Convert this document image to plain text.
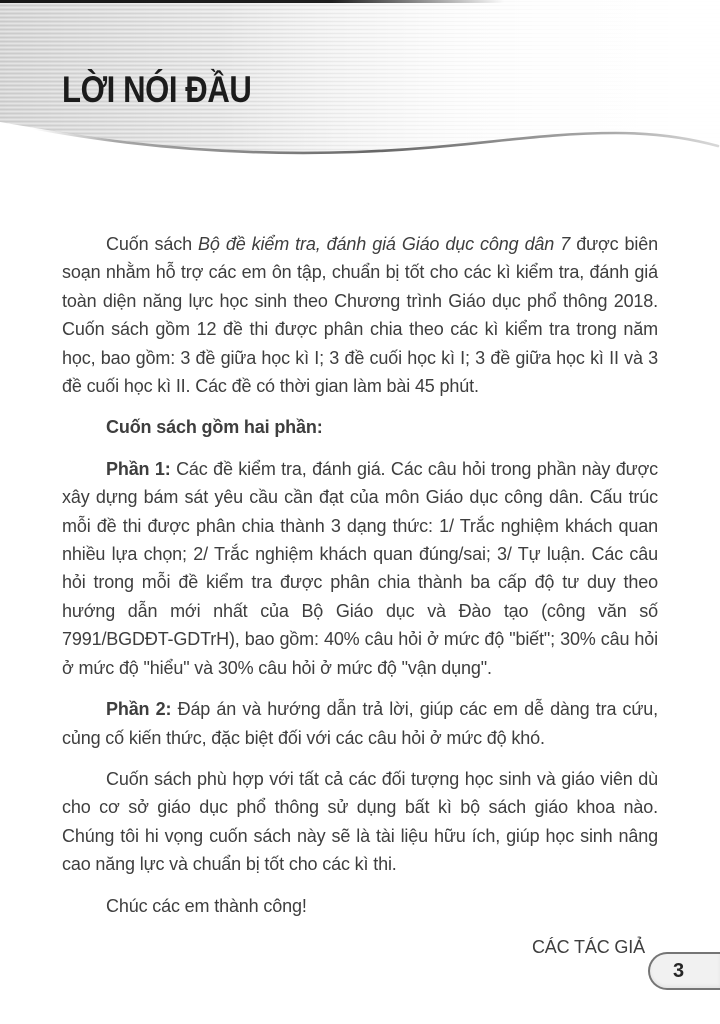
LỜI NÓI ĐẦU

Cuốn sách Bộ đề kiểm tra, đánh giá Giáo dục công dân 7 được biên soạn nhằm hỗ trợ các em ôn tập, chuẩn bị tốt cho các kì kiểm tra, đánh giá toàn diện năng lực học sinh theo Chương trình Giáo dục phổ thông 2018. Cuốn sách gồm 12 đề thi được phân chia theo các kì kiểm tra trong năm học, bao gồm: 3 đề giữa học kì I; 3 đề cuối học kì I; 3 đề giữa học kì II và 3 đề cuối học kì II. Các đề có thời gian làm bài 45 phút.

Cuốn sách gồm hai phần:

Phần 1: Các đề kiểm tra, đánh giá. Các câu hỏi trong phần này được xây dựng bám sát yêu cầu cần đạt của môn Giáo dục công dân. Cấu trúc mỗi đề thi được phân chia thành 3 dạng thức: 1/ Trắc nghiệm khách quan nhiều lựa chọn; 2/ Trắc nghiệm khách quan đúng/sai; 3/ Tự luận. Các câu hỏi trong mỗi đề kiểm tra được phân chia thành ba cấp độ tư duy theo hướng dẫn mới nhất của Bộ Giáo dục và Đào tạo (công văn số 7991/BGDĐT-GDTrH), bao gồm: 40% câu hỏi ở mức độ "biết"; 30% câu hỏi ở mức độ "hiểu" và 30% câu hỏi ở mức độ "vận dụng".

Phần 2: Đáp án và hướng dẫn trả lời, giúp các em dễ dàng tra cứu, củng cố kiến thức, đặc biệt đối với các câu hỏi ở mức độ khó.

Cuốn sách phù hợp với tất cả các đối tượng học sinh và giáo viên dù cho cơ sở giáo dục phổ thông sử dụng bất kì bộ sách giáo khoa nào. Chúng tôi hi vọng cuốn sách này sẽ là tài liệu hữu ích, giúp học sinh nâng cao năng lực và chuẩn bị tốt cho các kì thi.

Chúc các em thành công!

CÁC TÁC GIẢ

3
